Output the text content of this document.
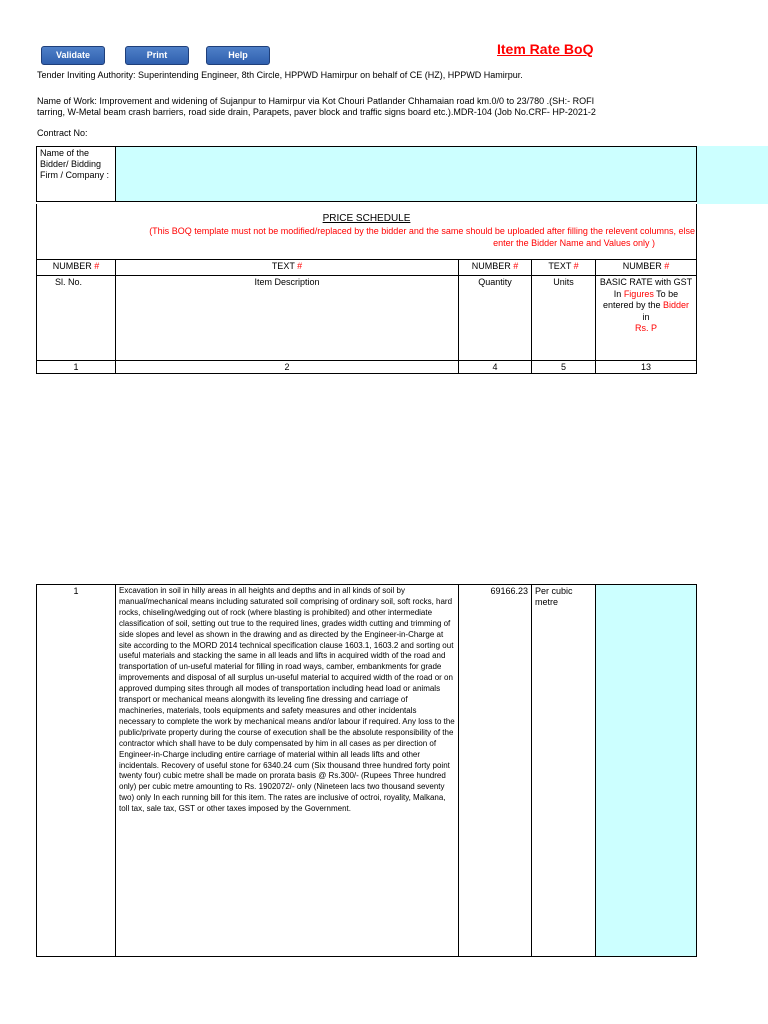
Validate	Print	Help	Item Rate BoQ
Tender Inviting Authority: Superintending Engineer, 8th Circle, HPPWD Hamirpur on behalf of CE (HZ), HPPWD Hamirpur.
Name of Work: Improvement and widening of Sujanpur to Hamirpur via Kot Chouri Patlander Chhamaian road km.0/0 to 23/780 .(SH:- ROFI
tarring, W-Metal beam crash barriers, road side drain, Parapets, paver block and traffic signs board etc.).MDR-104 (Job No.CRF- HP-2021-2
Contract No:
Name of the Bidder/ Bidding Firm / Company :	
PRICE SCHEDULE
(This BOQ template must not be modified/replaced by the bidder and the same should be uploaded after filling the relevent columns, else
enter the Bidder Name and Values only )
NUMBER #	TEXT #	NUMBER #	TEXT #	NUMBER #

Sl. No.	Item Description	Quantity	Units	BASIC RATE with GST In Figures To be entered by the Bidder in
Rs. P
1	2	4	5	13
1	Excavation in soil in hilly areas in all heights and depths and in all kinds of soil by manual/mechanical means including saturated soil comprising of ordinary soil, soft rocks, hard rocks, chiseling/wedging out of rock (where blasting is prohibited) and other intermediate classification of soil, setting out true to the required lines, grades width cutting and trimming of side slopes and level as shown in the drawing and as directed by the Engineer-in-Charge at site according to the MORD 2014 technical specification clause 1603.1, 1603.2 and sorting out useful materials and stacking the same in all leads and lifts in acquired width of the road and transportation of un-useful material for filling in road ways, camber, embankments for grade improvements and disposal of all surplus un-useful material to acquired width of the road or on approved dumping sites through all modes of transportation including head load or animals transport or mechanical means alongwith its leveling fine dressing and carriage of machineries, materials, tools equipments and safety measures and other incidentals necessary to complete the work by mechanical means and/or labour if required. Any loss to the public/private property during the course of execution shall be the absolute responsibility of the contractor which shall have to be duly compensated by him in all cases as per direction of Engineer-in-Charge including entire carriage of material within all leads lifts and other incidentals. Recovery of useful stone for 6340.24 cum (Six thousand three hundred forty point twenty four) cubic metre shall be made on prorata basis @ Rs.300/- (Rupees Three hundred only) per cubic metre amounting to Rs. 1902072/- only (Nineteen lacs two thousand seventy two) only In each running bill for this item. The rates are inclusive of octroi, royality, Malkana, toll tax, sale tax, GST or other taxes imposed by the Government.	69166.23	Per cubic metre	
